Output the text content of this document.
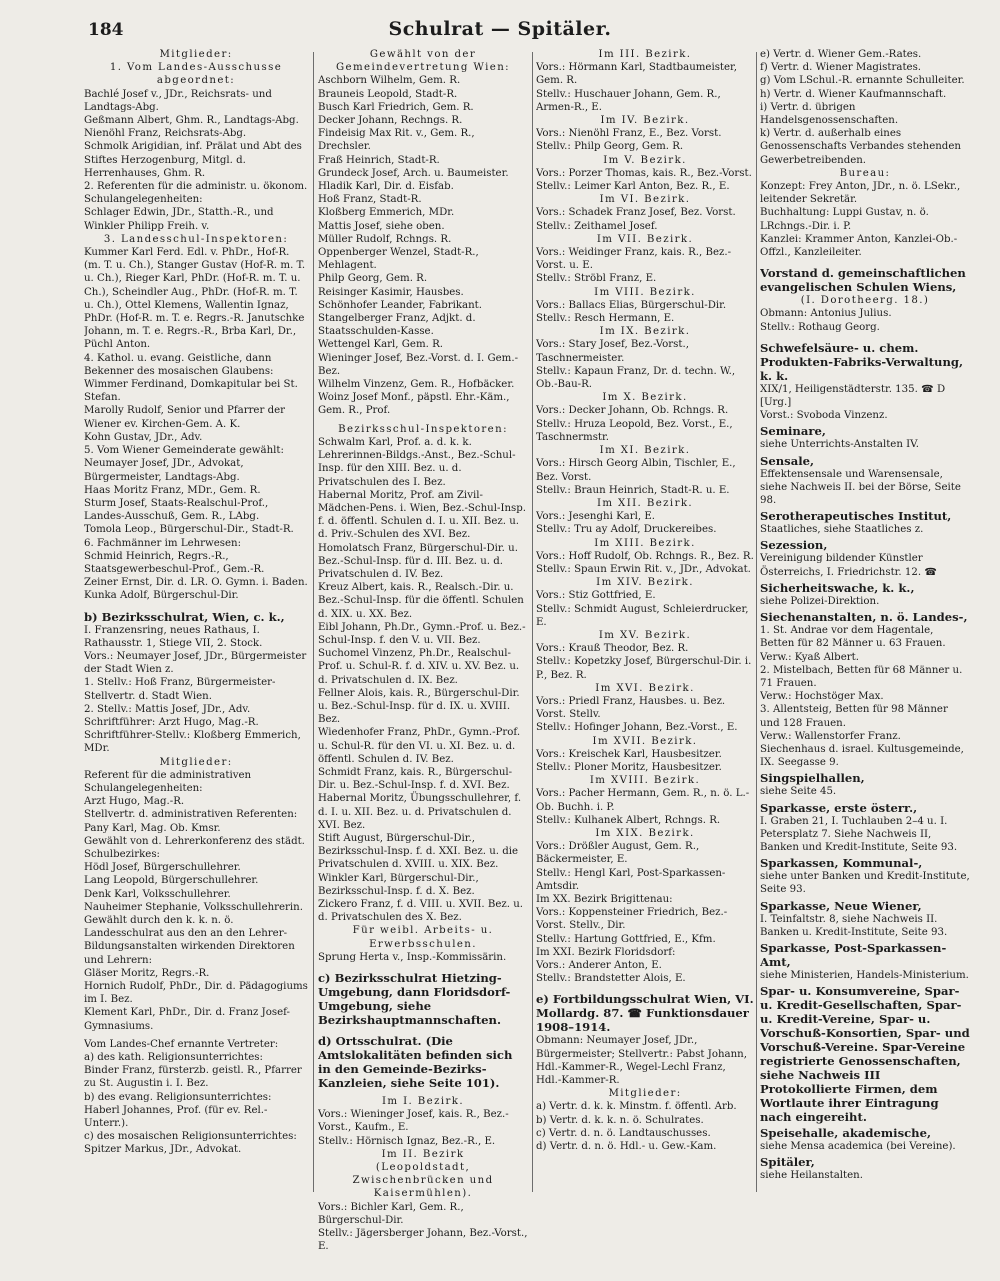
184	Schulrat — Spitäler.

Mitglieder:

1. Vom Landes-Ausschusse

abgeordnet:

Bachlé Josef v., JDr., Reichsrats- und Landtags-Abg.

Geßmann Albert, Ghm. R., Landtags-Abg.

Nienöhl Franz, Reichsrats-Abg.

Schmolk Arigidian, inf. Prälat und Abt des Stiftes Herzogenburg, Mitgl. d. Herrenhauses, Ghm. R.

2. Referenten für die administr. u. ökonom. Schulangelegenheiten:

Schlager Edwin, JDr., Statth.-R., und Winkler Philipp Freih. v.

3. Landesschul-Inspektoren:

Kummer Karl Ferd. Edl. v. PhDr., Hof-R. (m. T. u. Ch.), Stanger Gustav (Hof-R. m. T. u. Ch.), Rieger Karl, PhDr. (Hof-R. m. T. u. Ch.), Scheindler Aug., PhDr. (Hof-R. m. T. u. Ch.), Ottel Klemens, Wallentin Ignaz, PhDr. (Hof-R. m. T. e. Regrs.-R. Janutschke Johann, m. T. e. Regrs.-R., Brba Karl, Dr., Püchl Anton.

4. Kathol. u. evang. Geistliche, dann Bekenner des mosaischen Glaubens:

Wimmer Ferdinand, Domkapitular bei St. Stefan.

Marolly Rudolf, Senior und Pfarrer der Wiener ev. Kirchen-Gem. A. K.

Kohn Gustav, JDr., Adv.

5. Vom Wiener Gemeinderate gewählt:

Neumayer Josef, JDr., Advokat, Bürgermeister, Landtags-Abg.

Haas Moritz Franz, MDr., Gem. R.

Sturm Josef, Staats-Realschul-Prof., Landes-Ausschuß, Gem. R., LAbg.

Tomola Leop., Bürgerschul-Dir., Stadt-R.

6. Fachmänner im Lehrwesen:

Schmid Heinrich, Regrs.-R., Staatsgewerbeschul-Prof., Gem.-R.

Zeiner Ernst, Dir. d. LR. O. Gymn. i. Baden.

Kunka Adolf, Bürgerschul-Dir.

b) Bezirksschulrat, Wien, c. k.,

I. Franzensring, neues Rathaus, I. Rathausstr. 1, Stiege VII, 2. Stock.

Vors.: Neumayer Josef, JDr., Bürgermeister der Stadt Wien z.

1. Stellv.: Hoß Franz, Bürgermeister-Stellvertr. d. Stadt Wien.

2. Stellv.: Mattis Josef, JDr., Adv.

Schriftführer: Arzt Hugo, Mag.-R.

Schriftführer-Stellv.: Kloßberg Emmerich, MDr.

Mitglieder:

Referent für die administrativen Schulangelegenheiten:

Arzt Hugo, Mag.-R.

Stellvertr. d. administrativen Referenten:

Pany Karl, Mag. Ob. Kmsr.

Gewählt von d. Lehrerkonferenz des städt. Schulbezirkes:

Hödl Josef, Bürgerschullehrer.

Lang Leopold, Bürgerschullehrer.

Denk Karl, Volksschullehrer.

Nauheimer Stephanie, Volksschullehrerin.

Gewählt durch den k. k. n. ö. Landesschulrat aus den an den Lehrer-Bildungsanstalten wirkenden Direktoren und Lehrern:

Gläser Moritz, Regrs.-R.

Hornich Rudolf, PhDr., Dir. d. Pädagogiums im I. Bez.

Klement Karl, PhDr., Dir. d. Franz Josef-Gymnasiums.

Vom Landes-Chef ernannte Vertreter:

a) des kath. Religionsunterrichtes:

Binder Franz, fürsterzb. geistl. R., Pfarrer zu St. Augustin i. I. Bez.

b) des evang. Religionsunterrichtes:

Haberl Johannes, Prof. (für ev. Rel.-Unterr.).

c) des mosaischen Religionsunterrichtes:

Spitzer Markus, JDr., Advokat.

Gewählt von der Gemeindevertretung Wien:

Aschborn Wilhelm, Gem. R.

Brauneis Leopold, Stadt-R.

Busch Karl Friedrich, Gem. R.

Decker Johann, Rechngs. R.

Findeisig Max Rit. v., Gem. R., Drechsler.

Fraß Heinrich, Stadt-R.

Grundeck Josef, Arch. u. Baumeister.

Hladik Karl, Dir. d. Eisfab.

Hoß Franz, Stadt-R.

Kloßberg Emmerich, MDr.

Mattis Josef, siehe oben.

Müller Rudolf, Rchngs. R.

Oppenberger Wenzel, Stadt-R., Mehlagent.

Philp Georg, Gem. R.

Reisinger Kasimir, Hausbes.

Schönhofer Leander, Fabrikant.

Stangelberger Franz, Adjkt. d. Staatsschulden-Kasse.

Wettengel Karl, Gem. R.

Wieninger Josef, Bez.-Vorst. d. I. Gem.-Bez.

Wilhelm Vinzenz, Gem. R., Hofbäcker.

Woinz Josef Monf., päpstl. Ehr.-Käm., Gem. R., Prof.

Bezirksschul-Inspektoren:

Schwalm Karl, Prof. a. d. k. k. Lehrerinnen-Bildgs.-Anst., Bez.-Schul-Insp. für den XIII. Bez. u. d. Privatschulen des I. Bez.

Habernal Moritz, Prof. am Zivil-Mädchen-Pens. i. Wien, Bez.-Schul-Insp. f. d. öffentl. Schulen d. I. u. XII. Bez. u. d. Priv.-Schulen des XVI. Bez.

Homolatsch Franz, Bürgerschul-Dir. u. Bez.-Schul-Insp. für d. III. Bez. u. d. Privatschulen d. IV. Bez.

Kreuz Albert, kais. R., Realsch.-Dir. u. Bez.-Schul-Insp. für die öffentl. Schulen d. XIX. u. XX. Bez.

Eibl Johann, Ph.Dr., Gymn.-Prof. u. Bez.-Schul-Insp. f. den V. u. VII. Bez.

Suchomel Vinzenz, Ph.Dr., Realschul-Prof. u. Schul-R. f. d. XIV. u. XV. Bez. u. d. Privatschulen d. IX. Bez.

Fellner Alois, kais. R., Bürgerschul-Dir. u. Bez.-Schul-Insp. für d. IX. u. XVIII. Bez.

Wiedenhofer Franz, PhDr., Gymn.-Prof. u. Schul-R. für den VI. u. XI. Bez. u. d. öffentl. Schulen d. IV. Bez.

Schmidt Franz, kais. R., Bürgerschul-Dir. u. Bez.-Schul-Insp. f. d. XVI. Bez.

Habernal Moritz, Übungsschullehrer, f. d. I. u. XII. Bez. u. d. Privatschulen d. XVI. Bez.

Stift August, Bürgerschul-Dir., Bezirksschul-Insp. f. d. XXI. Bez. u. die Privatschulen d. XVIII. u. XIX. Bez.

Winkler Karl, Bürgerschul-Dir., Bezirksschul-Insp. f. d. X. Bez.

Zickero Franz, f. d. VIII. u. XVII. Bez. u. d. Privatschulen des X. Bez.

Für weibl. Arbeits- u. Erwerbsschulen.

Sprung Herta v., Insp.-Kommissärin.

c) Bezirksschulrat Hietzing-Umgebung, dann Floridsdorf-Umgebung, siehe Bezirkshauptmannschaften.

d) Ortsschulrat. (Die Amtslokalitäten befinden sich in den Gemeinde-Bezirks-Kanzleien, siehe Seite 101).

Im I. Bezirk.

Vors.: Wieninger Josef, kais. R., Bez.-Vorst., Kaufm., E.

Stellv.: Hörnisch Ignaz, Bez.-R., E.

Im II. Bezirk

(Leopoldstadt, Zwischenbrücken und Kaisermühlen).

Vors.: Bichler Karl, Gem. R., Bürgerschul-Dir.

Stellv.: Jägersberger Johann, Bez.-Vorst., E.

Im III. Bezirk.

Vors.: Hörmann Karl, Stadtbaumeister, Gem. R.

Stellv.: Huschauer Johann, Gem. R., Armen-R., E.

Im IV. Bezirk.

Vors.: Nienöhl Franz, E., Bez. Vorst.

Stellv.: Philp Georg, Gem. R.

Im V. Bezirk.

Vors.: Porzer Thomas, kais. R., Bez.-Vorst.

Stellv.: Leimer Karl Anton, Bez. R., E.

Im VI. Bezirk.

Vors.: Schadek Franz Josef, Bez. Vorst.

Stellv.: Zeithamel Josef.

Im VII. Bezirk.

Vors.: Weidinger Franz, kais. R., Bez.-Vorst. u. E.

Stellv.: Ströbl Franz, E.

Im VIII. Bezirk.

Vors.: Ballacs Elias, Bürgerschul-Dir.

Stellv.: Resch Hermann, E.

Im IX. Bezirk.

Vors.: Stary Josef, Bez.-Vorst., Taschnermeister.

Stellv.: Kapaun Franz, Dr. d. techn. W., Ob.-Bau-R.

Im X. Bezirk.

Vors.: Decker Johann, Ob. Rchngs. R.

Stellv.: Hruza Leopold, Bez. Vorst., E., Taschnermstr.

Im XI. Bezirk.

Vors.: Hirsch Georg Albin, Tischler, E., Bez. Vorst.

Stellv.: Braun Heinrich, Stadt-R. u. E.

Im XII. Bezirk.

Vors.: Jesenghi Karl, E.

Stellv.: Tru ay Adolf, Druckereibes.

Im XIII. Bezirk.

Vors.: Hoff Rudolf, Ob. Rchngs. R., Bez. R.

Stellv.: Spaun Erwin Rit. v., JDr., Advokat.

Im XIV. Bezirk.

Vors.: Stiz Gottfried, E.

Stellv.: Schmidt August, Schleierdrucker, E.

Im XV. Bezirk.

Vors.: Krauß Theodor, Bez. R.

Stellv.: Kopetzky Josef, Bürgerschul-Dir. i. P., Bez. R.

Im XVI. Bezirk.

Vors.: Priedl Franz, Hausbes. u. Bez. Vorst. Stellv.

Stellv.: Hofinger Johann, Bez.-Vorst., E.

Im XVII. Bezirk.

Vors.: Kreischek Karl, Hausbesitzer.

Stellv.: Ploner Moritz, Hausbesitzer.

Im XVIII. Bezirk.

Vors.: Pacher Hermann, Gem. R., n. ö. L.-Ob. Buchh. i. P.

Stellv.: Kulhanek Albert, Rchngs. R.

Im XIX. Bezirk.

Vors.: Drößler August, Gem. R., Bäckermeister, E.

Stellv.: Hengl Karl, Post-Sparkassen-Amtsdir.

Im XX. Bezirk Brigittenau:

Vors.: Koppensteiner Friedrich, Bez.-Vorst. Stellv., Dir.

Stellv.: Hartung Gottfried, E., Kfm.

Im XXI. Bezirk Floridsdorf:

Vors.: Anderer Anton, E.

Stellv.: Brandstetter Alois, E.

e) Fortbildungsschulrat Wien, VI. Mollardg. 87. ☎ Funktionsdauer 1908–1914.

Obmann: Neumayer Josef, JDr., Bürgermeister; Stellvertr.: Pabst Johann, Hdl.-Kammer-R., Wegel-Lechl Franz, Hdl.-Kammer-R.

Mitglieder:

a) Vertr. d. k. k. Minstm. f. öffentl. Arb.

b) Vertr. d. k. k. n. ö. Schulrates.

c) Vertr. d. n. ö. Landtauschusses.

d) Vertr. d. n. ö. Hdl.- u. Gew.-Kam.

e) Vertr. d. Wiener Gem.-Rates.

f) Vertr. d. Wiener Magistrates.

g) Vom LSchul.-R. ernannte Schulleiter.

h) Vertr. d. Wiener Kaufmannschaft.

i) Vertr. d. übrigen Handelsgenossenschaften.

k) Vertr. d. außerhalb eines Genossenschafts Verbandes stehenden Gewerbetreibenden.

Bureau:

Konzept: Frey Anton, JDr., n. ö. LSekr., leitender Sekretär.

Buchhaltung: Luppi Gustav, n. ö. LRchngs.-Dir. i. P.

Kanzlei: Krammer Anton, Kanzlei-Ob.-Offzl., Kanzleileiter.

Vorstand d. gemeinschaftlichen evangelischen Schulen Wiens,

(I. Dorotheerg. 18.)

Obmann: Antonius Julius.

Stellv.: Rothaug Georg.

Schwefelsäure- u. chem. Produkten-Fabriks-Verwaltung, k. k.

XIX/1, Heiligenstädterstr. 135. ☎ D [Urg.]

Vorst.: Svoboda Vinzenz.

Seminare,

siehe Unterrichts-Anstalten IV.

Sensale,

Effektensensale und Warensensale, siehe Nachweis II. bei der Börse, Seite 98.

Serotherapeutisches Institut,

Staatliches, siehe Staatliches z.

Sezession,

Vereinigung bildender Künstler Österreichs, I. Friedrichstr. 12. ☎

Sicherheitswache, k. k.,

siehe Polizei-Direktion.

Siechenanstalten, n. ö. Landes-,

1. St. Andrae vor dem Hagentale, Betten für 82 Männer u. 63 Frauen.

Verw.: Kyaß Albert.

2. Mistelbach, Betten für 68 Männer u. 71 Frauen.

Verw.: Hochstöger Max.

3. Allentsteig, Betten für 98 Männer und 128 Frauen.

Verw.: Wallenstorfer Franz.

Siechenhaus d. israel. Kultusgemeinde, IX. Seegasse 9.

Singspielhallen,

siehe Seite 45.

Sparkasse, erste österr.,

I. Graben 21, I. Tuchlauben 2–4 u. I. Petersplatz 7. Siehe Nachweis II, Banken und Kredit-Institute, Seite 93.

Sparkassen, Kommunal-,

siehe unter Banken und Kredit-Institute, Seite 93.

Sparkasse, Neue Wiener,

I. Teinfaltstr. 8, siehe Nachweis II. Banken u. Kredit-Institute, Seite 93.

Sparkasse, Post-Sparkassen-Amt,

siehe Ministerien, Handels-Ministerium.

Spar- u. Konsumvereine, Spar- u. Kredit-Gesellschaften, Spar- u. Kredit-Vereine, Spar- u. Vorschuß-Konsortien, Spar- und Vorschuß-Vereine. Spar-Vereine registrierte Genossenschaften, siehe Nachweis III Protokollierte Firmen, dem Wortlaute ihrer Eintragung nach eingereiht.

Speisehalle, akademische,

siehe Mensa academica (bei Vereine).

Spitäler,

siehe Heilanstalten.
